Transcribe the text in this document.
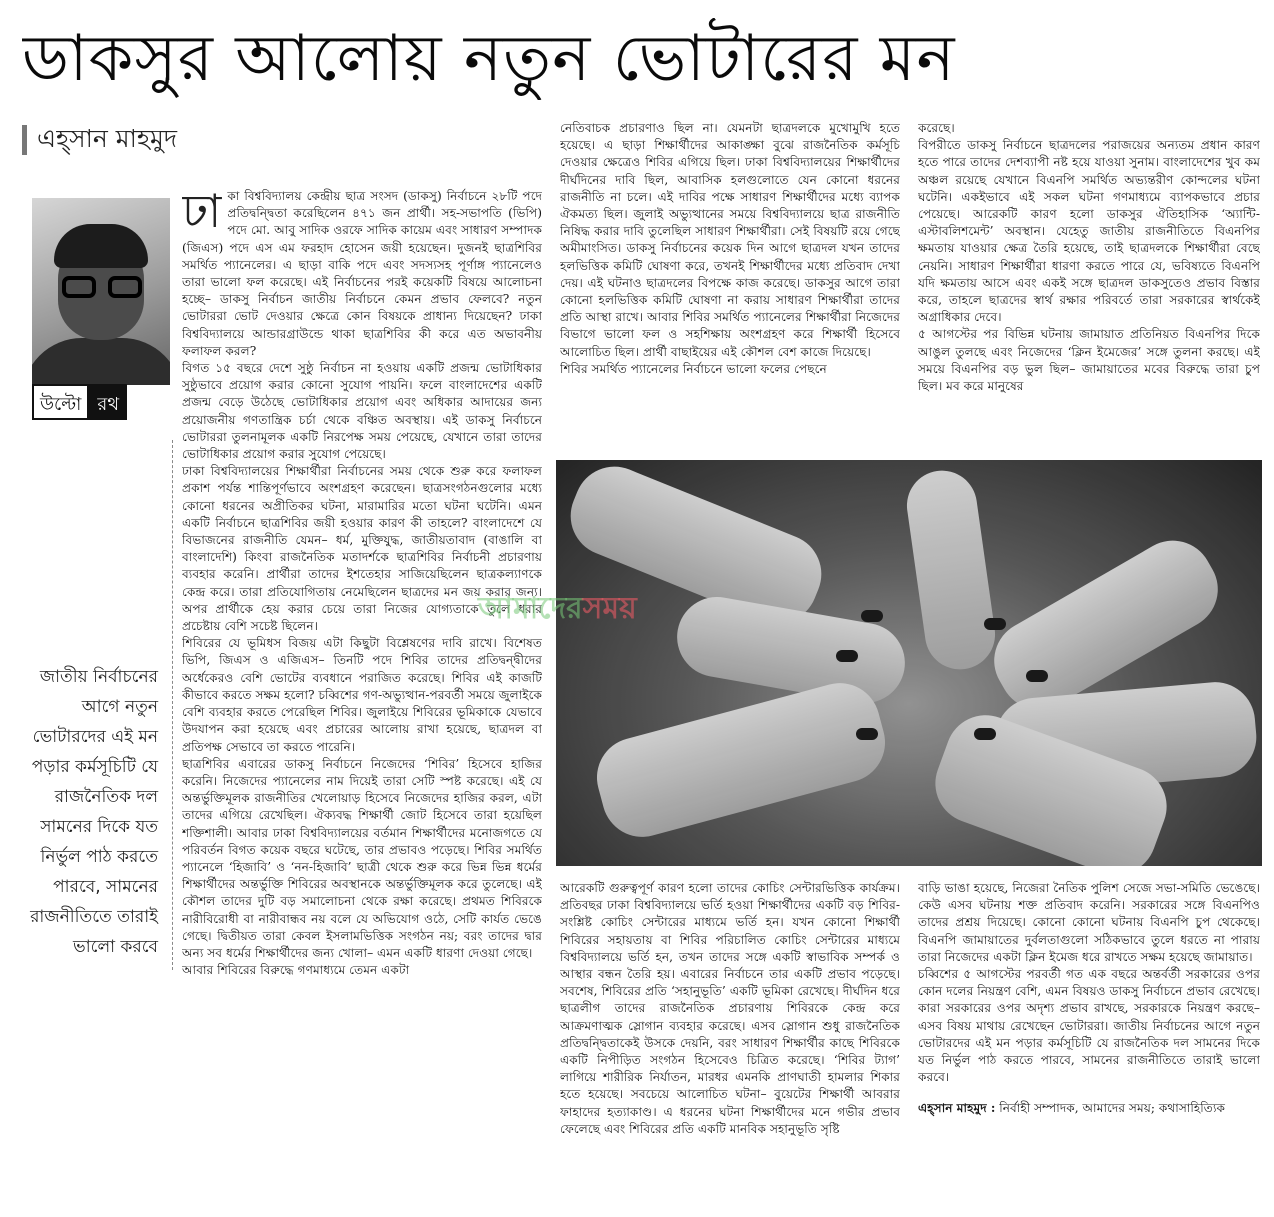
ডাকসুর আলোয় নতুন ভোটারের মন
এহ্‌সান মাহমুদ
উল্টো রথ
জাতীয় নির্বাচনের আগে নতুন ভোটারদের এই মন পড়ার কর্মসূচিটি যে রাজনৈতিক দল সামনের দিকে যত নির্ভুল পাঠ করতে পারবে, সামনের রাজনীতিতে তারাই ভালো করবে
ঢা কা বিশ্ববিদ্যালয় কেন্দ্রীয় ছাত্র সংসদ (ডাকসু) নির্বাচনে ২৮টি পদে প্রতিদ্বন্দ্বিতা করেছিলেন ৪৭১ জন প্রার্থী। সহ-সভাপতি (ভিপি) পদে মো. আবু সাদিক ওরফে সাদিক কায়েম এবং সাধারণ সম্পাদক (জিএস) পদে এস এম ফরহাদ হোসেন জয়ী হয়েছেন। দুজনই ছাত্রশিবির সমর্থিত প্যানেলের। এ ছাড়া বাকি পদে এবং সদস্যসহ পূর্ণাঙ্গ প্যানেলেও তারা ভালো ফল করেছে। এই নির্বাচনের পরই কয়েকটি বিষয়ে আলোচনা হচ্ছে– ডাকসু নির্বাচন জাতীয় নির্বাচনে কেমন প্রভাব ফেলবে? নতুন ভোটাররা ভোট দেওয়ার ক্ষেত্রে কোন বিষয়কে প্রাধান্য দিয়েছেন? ঢাকা বিশ্ববিদ্যালয়ে আন্ডারগ্রাউন্ডে থাকা ছাত্রশিবির কী করে এত অভাবনীয় ফলাফল করল?

বিগত ১৫ বছরে দেশে সুষ্ঠু নির্বাচন না হওয়ায় একটি প্রজন্ম ভোটাধিকার সুষ্ঠুভাবে প্রয়োগ করার কোনো সুযোগ পায়নি। ফলে বাংলাদেশের একটি প্রজন্ম বেড়ে উঠেছে ভোটাধিকার প্রয়োগ এবং অধিকার আদায়ের জন্য প্রয়োজনীয় গণতান্ত্রিক চর্চা থেকে বঞ্চিত অবস্থায়। এই ডাকসু নির্বাচনে ভোটাররা তুলনামূলক একটি নিরপেক্ষ সময় পেয়েছে, যেখানে তারা তাদের ভোটাধিকার প্রয়োগ করার সুযোগ পেয়েছে।

ঢাকা বিশ্ববিদ্যালয়ের শিক্ষার্থীরা নির্বাচনের সময় থেকে শুরু করে ফলাফল প্রকাশ পর্যন্ত শান্তিপূর্ণভাবে অংশগ্রহণ করেছেন। ছাত্রসংগঠনগুলোর মধ্যে কোনো ধরনের অপ্রীতিকর ঘটনা, মারামারির মতো ঘটনা ঘটেনি। এমন একটি নির্বাচনে ছাত্রশিবির জয়ী হওয়ার কারণ কী তাহলে? বাংলাদেশে যে বিভাজনের রাজনীতি যেমন– ধর্ম, মুক্তিযুদ্ধ, জাতীয়তাবাদ (বাঙালি বা বাংলাদেশি) কিংবা রাজনৈতিক মতাদর্শকে ছাত্রশিবির নির্বাচনী প্রচারণায় ব্যবহার করেনি। প্রার্থীরা তাদের ইশতেহার সাজিয়েছিলেন ছাত্রকল্যাণকে কেন্দ্র করে। তারা প্রতিযোগিতায় নেমেছিলেন ছাত্রদের মন জয় করার জন্য। অপর প্রার্থীকে হেয় করার চেয়ে তারা নিজের যোগ্যতাকে তুলে ধরার প্রচেষ্টায় বেশি সচেষ্ট ছিলেন।

শিবিরের যে ভূমিধস বিজয় এটা কিছুটা বিশ্লেষণের দাবি রাখে। বিশেষত ভিপি, জিএস ও এজিএস– তিনটি পদে শিবির তাদের প্রতিদ্বন্দ্বীদের অর্ধেকেরও বেশি ভোটের ব্যবধানে পরাজিত করেছে। শিবির এই কাজটি কীভাবে করতে সক্ষম হলো? চব্বিশের গণ-অভ্যুত্থান-পরবর্তী সময়ে জুলাইকে বেশি ব্যবহার করতে পেরেছিল শিবির। জুলাইয়ে শিবিরের ভূমিকাকে যেভাবে উদযাপন করা হয়েছে এবং প্রচারের আলোয় রাখা হয়েছে, ছাত্রদল বা প্রতিপক্ষ সেভাবে তা করতে পারেনি।

ছাত্রশিবির এবারের ডাকসু নির্বাচনে নিজেদের ‘শিবির’ হিসেবে হাজির করেনি। নিজেদের প্যানেলের নাম দিয়েই তারা সেটি স্পষ্ট করেছে। এই যে অন্তর্ভুক্তিমূলক রাজনীতির খেলোয়াড় হিসেবে নিজেদের হাজির করল, এটা তাদের এগিয়ে রেখেছিল। ঐক্যবদ্ধ শিক্ষার্থী জোট হিসেবে তারা হয়েছিল শক্তিশালী। আবার ঢাকা বিশ্ববিদ্যালয়ের বর্তমান শিক্ষার্থীদের মনোজগতে যে পরিবর্তন বিগত কয়েক বছরে ঘটেছে, তার প্রভাবও পড়েছে। শিবির সমর্থিত প্যানেলে ‘হিজাবি’ ও ‘নন-হিজাবি’ ছাত্রী থেকে শুরু করে ভিন্ন ভিন্ন ধর্মের শিক্ষার্থীদের অন্তর্ভুক্তি শিবিরের অবস্থানকে অন্তর্ভুক্তিমূলক করে তুলেছে। এই কৌশল তাদের দুটি বড় সমালোচনা থেকে রক্ষা করেছে। প্রথমত শিবিরকে নারীবিরোধী বা নারীবান্ধব নয় বলে যে অভিযোগ ওঠে, সেটি কার্যত ভেঙে গেছে। দ্বিতীয়ত তারা কেবল ইসলামভিত্তিক সংগঠন নয়; বরং তাদের দ্বার অন্য সব ধর্মের শিক্ষার্থীদের জন্য খোলা– এমন একটি ধারণা দেওয়া গেছে।

আবার শিবিরের বিরুদ্ধে গণমাধ্যমে তেমন একটা

নেতিবাচক প্রচারণাও ছিল না। যেমনটা ছাত্রদলকে মুখোমুখি হতে হয়েছে। এ ছাড়া শিক্ষার্থীদের আকাঙ্ক্ষা বুঝে রাজনৈতিক কর্মসূচি দেওয়ার ক্ষেত্রেও শিবির এগিয়ে ছিল। ঢাকা বিশ্ববিদ্যালয়ের শিক্ষার্থীদের দীর্ঘদিনের দাবি ছিল, আবাসিক হলগুলোতে যেন কোনো ধরনের রাজনীতি না চলে। এই দাবির পক্ষে সাধারণ শিক্ষার্থীদের মধ্যে ব্যাপক ঐকমত্য ছিল। জুলাই অভ্যুত্থানের সময়ে বিশ্ববিদ্যালয়ে ছাত্র রাজনীতি নিষিদ্ধ করার দাবি তুলেছিল সাধারণ শিক্ষার্থীরা। সেই বিষয়টি রয়ে গেছে অমীমাংসিত। ডাকসু নির্বাচনের কয়েক দিন আগে ছাত্রদল যখন তাদের হলভিত্তিক কমিটি ঘোষণা করে, তখনই শিক্ষার্থীদের মধ্যে প্রতিবাদ দেখা দেয়। এই ঘটনাও ছাত্রদলের বিপক্ষে কাজ করেছে। ডাকসুর আগে তারা কোনো হলভিত্তিক কমিটি ঘোষণা না করায় সাধারণ শিক্ষার্থীরা তাদের প্রতি আস্থা রাখে। আবার শিবির সমর্থিত প্যানেলের শিক্ষার্থীরা নিজেদের বিভাগে ভালো ফল ও সহশিক্ষায় অংশগ্রহণ করে শিক্ষার্থী হিসেবে আলোচিত ছিল। প্রার্থী বাছাইয়ের এই কৌশল বেশ কাজে দিয়েছে।

শিবির সমর্থিত প্যানেলের নির্বাচনে ভালো ফলের পেছনে

করেছে।

বিপরীতে ডাকসু নির্বাচনে ছাত্রদলের পরাজয়ের অন্যতম প্রধান কারণ হতে পারে তাদের দেশব্যাপী নষ্ট হয়ে যাওয়া সুনাম। বাংলাদেশের খুব কম অঞ্চল রয়েছে যেখানে বিএনপি সমর্থিত অভ্যন্তরীণ কোন্দলের ঘটনা ঘটেনি। একইভাবে এই সকল ঘটনা গণমাধ্যমে ব্যাপকভাবে প্রচার পেয়েছে। আরেকটি কারণ হলো ডাকসুর ঐতিহাসিক ‘অ্যান্টি-এস্টাবলিশমেন্ট’ অবস্থান। যেহেতু জাতীয় রাজনীতিতে বিএনপির ক্ষমতায় যাওয়ার ক্ষেত্র তৈরি হয়েছে, তাই ছাত্রদলকে শিক্ষার্থীরা বেছে নেয়নি। সাধারণ শিক্ষার্থীরা ধারণা করতে পারে যে, ভবিষ্যতে বিএনপি যদি ক্ষমতায় আসে এবং একই সঙ্গে ছাত্রদল ডাকসুতেও প্রভাব বিস্তার করে, তাহলে ছাত্রদের স্বার্থ রক্ষার পরিবর্তে তারা সরকারের স্বার্থকেই অগ্রাধিকার দেবে।

৫ আগস্টের পর বিভিন্ন ঘটনায় জামায়াত প্রতিনিয়ত বিএনপির দিকে আঙুল তুলছে এবং নিজেদের ‘ক্লিন ইমেজের’ সঙ্গে তুলনা করছে। এই সময়ে বিএনপির বড় ভুল ছিল– জামায়াতের মবের বিরুদ্ধে তারা চুপ ছিল। মব করে মানুষের

আমাদেরসময়

আরেকটি গুরুত্বপূর্ণ কারণ হলো তাদের কোচিং সেন্টারভিত্তিক কার্যক্রম। প্রতিবছর ঢাকা বিশ্ববিদ্যালয়ে ভর্তি হওয়া শিক্ষার্থীদের একটি বড় শিবির-সংশ্লিষ্ট কোচিং সেন্টারের মাধ্যমে ভর্তি হন। যখন কোনো শিক্ষার্থী শিবিরের সহায়তায় বা শিবির পরিচালিত কোচিং সেন্টারের মাধ্যমে বিশ্ববিদ্যালয়ে ভর্তি হন, তখন তাদের সঙ্গে একটি স্বাভাবিক সম্পর্ক ও আস্থার বন্ধন তৈরি হয়। এবারের নির্বাচনে তার একটি প্রভাব পড়েছে। সবশেষ, শিবিরের প্রতি ‘সহানুভূতি’ একটি ভূমিকা রেখেছে। দীর্ঘদিন ধরে ছাত্রলীগ তাদের রাজনৈতিক প্রচারণায় শিবিরকে কেন্দ্র করে আক্রমণাত্মক স্লোগান ব্যবহার করেছে। এসব স্লোগান শুধু রাজনৈতিক প্রতিদ্বন্দ্বিতাকেই উসকে দেয়নি, বরং সাধারণ শিক্ষার্থীর কাছে শিবিরকে একটি নিপীড়িত সংগঠন হিসেবেও চিত্রিত করেছে। ‘শিবির ট্যাগ’ লাগিয়ে শারীরিক নির্যাতন, মারধর এমনকি প্রাণঘাতী হামলার শিকার হতে হয়েছে। সবচেয়ে আলোচিত ঘটনা– বুয়েটের শিক্ষার্থী আবরার ফাহাদের হত্যাকাণ্ড। এ ধরনের ঘটনা শিক্ষার্থীদের মনে গভীর প্রভাব ফেলেছে এবং শিবিরের প্রতি একটি মানবিক সহানুভূতি সৃষ্টি

বাড়ি ভাঙা হয়েছে, নিজেরা নৈতিক পুলিশ সেজে সভা-সমিতি ভেঙেছে। কেউ এসব ঘটনায় শক্ত প্রতিবাদ করেনি। সরকারের সঙ্গে বিএনপিও তাদের প্রশ্রয় দিয়েছে। কোনো কোনো ঘটনায় বিএনপি চুপ থেকেছে। বিএনপি জামায়াতের দুর্বলতাগুলো সঠিকভাবে তুলে ধরতে না পারায় তারা নিজেদের একটা ক্লিন ইমেজ ধরে রাখতে সক্ষম হয়েছে জামায়াত।

চব্বিশের ৫ আগস্টের পরবর্তী গত এক বছরে অন্তর্বর্তী সরকারের ওপর কোন দলের নিয়ন্ত্রণ বেশি, এমন বিষয়ও ডাকসু নির্বাচনে প্রভাব রেখেছে। কারা সরকারের ওপর অদৃশ্য প্রভাব রাখছে, সরকারকে নিয়ন্ত্রণ করছে– এসব বিষয় মাথায় রেখেছেন ভোটাররা। জাতীয় নির্বাচনের আগে নতুন ভোটারদের এই মন পড়ার কর্মসূচিটি যে রাজনৈতিক দল সামনের দিকে যত নির্ভুল পাঠ করতে পারবে, সামনের রাজনীতিতে তারাই ভালো করবে।

এহ্‌সান মাহমুদ : নির্বাহী সম্পাদক, আমাদের সময়; কথাসাহিত্যিক
